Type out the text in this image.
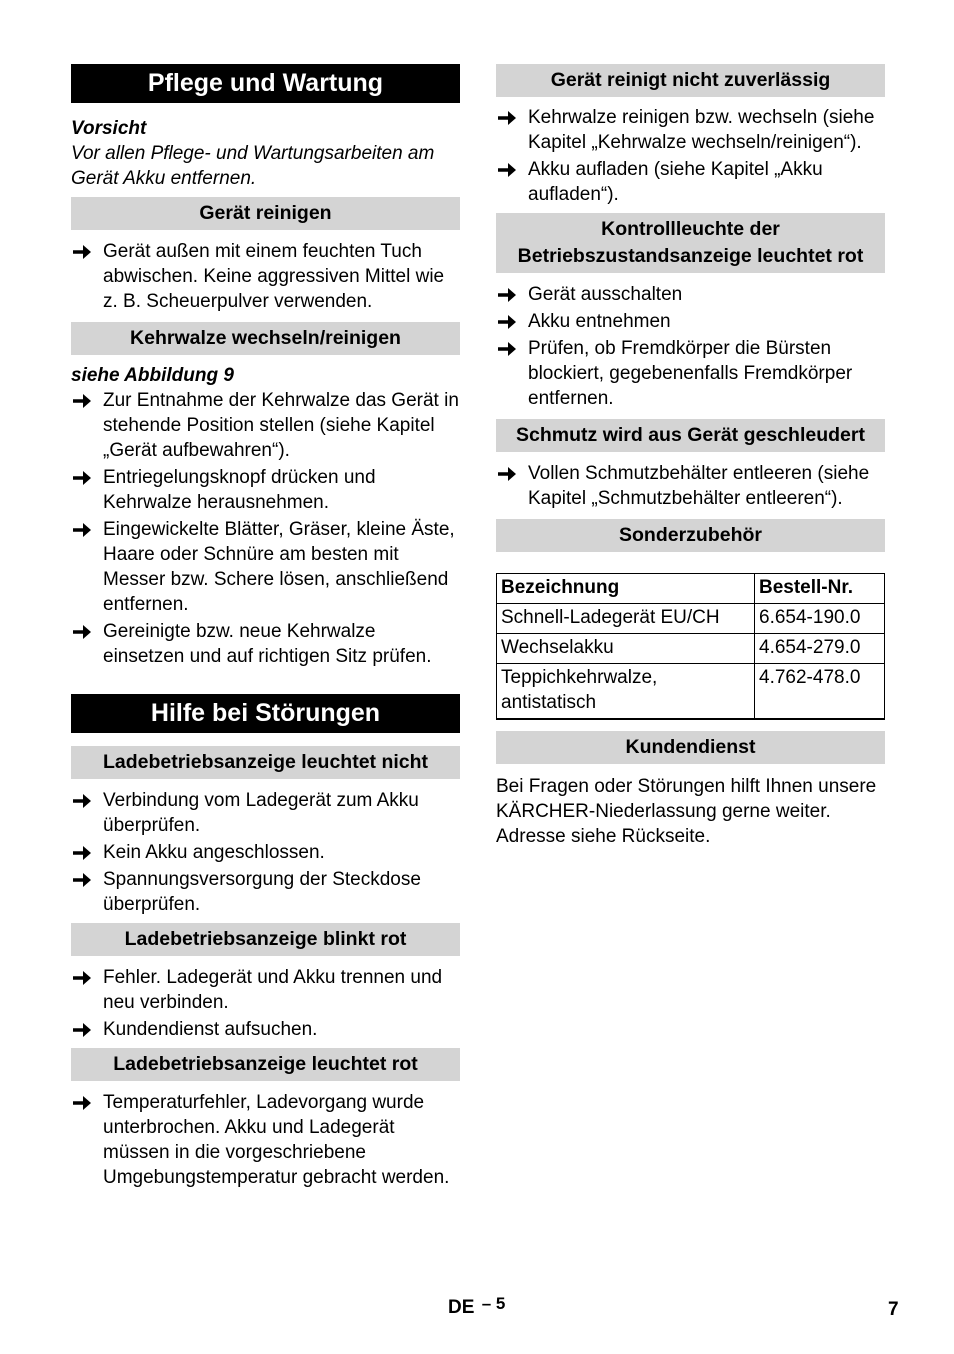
Pflege und Wartung
Vorsicht
Vor allen Pflege- und Wartungsarbeiten am Gerät Akku entfernen.
Gerät reinigen
Gerät außen mit einem feuchten Tuch abwischen. Keine aggressiven Mittel wie z. B. Scheuerpulver verwenden.
Kehrwalze wechseln/reinigen
siehe Abbildung 9
Zur Entnahme der Kehrwalze das Gerät in stehende Position stellen (siehe Kapitel „Gerät aufbewahren“).
Entriegelungsknopf drücken und Kehrwalze herausnehmen.
Eingewickelte Blätter, Gräser, kleine Äste, Haare oder Schnüre am besten mit Messer bzw. Schere lösen, anschließend entfernen.
Gereinigte bzw. neue Kehrwalze einsetzen und auf richtigen Sitz prüfen.
Hilfe bei Störungen
Ladebetriebsanzeige leuchtet nicht
Verbindung vom Ladegerät zum Akku überprüfen.
Kein Akku angeschlossen.
Spannungsversorgung der Steckdose überprüfen.
Ladebetriebsanzeige blinkt rot
Fehler. Ladegerät und Akku trennen und neu verbinden.
Kundendienst aufsuchen.
Ladebetriebsanzeige leuchtet rot
Temperaturfehler, Ladevorgang wurde unterbrochen. Akku und Ladegerät müssen in die vorgeschriebene Umgebungstemperatur gebracht werden.
Gerät reinigt nicht zuverlässig
Kehrwalze reinigen bzw. wechseln (siehe Kapitel „Kehrwalze wechseln/reinigen“).
Akku aufladen (siehe Kapitel „Akku aufladen“).
Kontrollleuchte der Betriebszustandsanzeige leuchtet rot
Gerät ausschalten
Akku entnehmen
Prüfen, ob Fremdkörper die Bürsten blockiert, gegebenenfalls Fremdkörper entfernen.
Schmutz wird aus Gerät geschleudert
Vollen Schmutzbehälter entleeren (siehe Kapitel „Schmutzbehälter entleeren“).
Sonderzubehör
Bezeichnung	Bestell-Nr.
Schnell-Ladegerät EU/CH	6.654-190.0
Wechselakku	4.654-279.0
Teppichkehrwalze, antistatisch	4.762-478.0
Kundendienst
Bei Fragen oder Störungen hilft Ihnen unsere KÄRCHER-Niederlassung gerne weiter. Adresse siehe Rückseite.
DE – 5	7
